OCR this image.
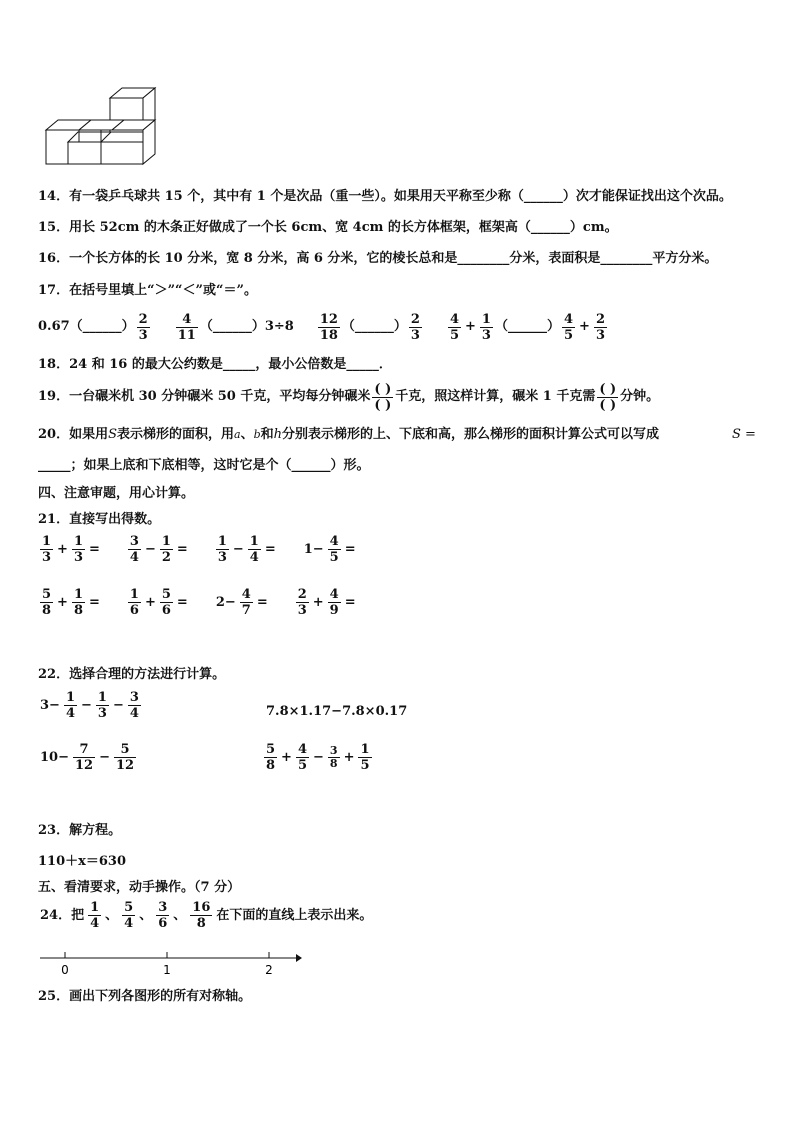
14．有一袋乒乓球共 15 个，其中有 1 个是次品（重一些）。如果用天平称至少称（______）次才能保证找出这个次品。
15．用长 52cm 的木条正好做成了一个长 6cm、宽 4cm 的长方体框架，框架高（______）cm。
16．一个长方体的长 10 分米，宽 8 分米，高 6 分米，它的棱长总和是________分米，表面积是________平方分米。
17．在括号里填上“＞”“＜”或“＝”。
0.67（______） 2
3
4
11
（______） 3÷8 12
18
（______） 2
3
4
5
+ 1
3
（______） 4
5
+ 2
3
18．24 和 16 的最大公约数是_____，最小公倍数是_____．
19．一台碾米机 30 分钟碾米 50 千克，平均每分钟碾米 ( )
( )
千克，照这样计算，碾米 1 千克需 ( )
( )
分钟。
20．如果用S表示梯形的面积，用a、b和h分别表示梯形的上、下底和高，那么梯形的面积计算公式可以写成	S =
_____；如果上底和下底相等，这时它是个（______）形。
四、注意审题，用心计算。
21．直接写出得数。
$\frac{1}{3} + \frac{1}{3} = \frac{3}{4} - \frac{1}{2} = \frac{1}{3} - \frac{1}{4} = 1- \frac{4}{5}$ =
$\frac{5}{8} + \frac{1}{8} = \frac{1}{6} + \frac{5}{6} = 2- \frac{4}{7} = \frac{2}{3} + \frac{4}{9}$ =
22．选择合理的方法进行计算。
$3- \frac{1}{4} - \frac{1}{3} - \frac{3}{4}$	7.8×1.17−7.8×0.17
$10- \frac{7}{12} - \frac{5}{12}$	$\frac{5}{8} + \frac{4}{5} - \frac{3}{8} + \frac{1}{5}$
23．解方程。
110＋x＝630
五、看清要求，动手操作。（7 分）
24．把 $\frac{1}{4}$ 、 $\frac{5}{4}$ 、 $\frac{3}{6}$ 、 $\frac{16}{8}$ 在下面的直线上表示出来。
0	1	2
25．画出下列各图形的所有对称轴。
